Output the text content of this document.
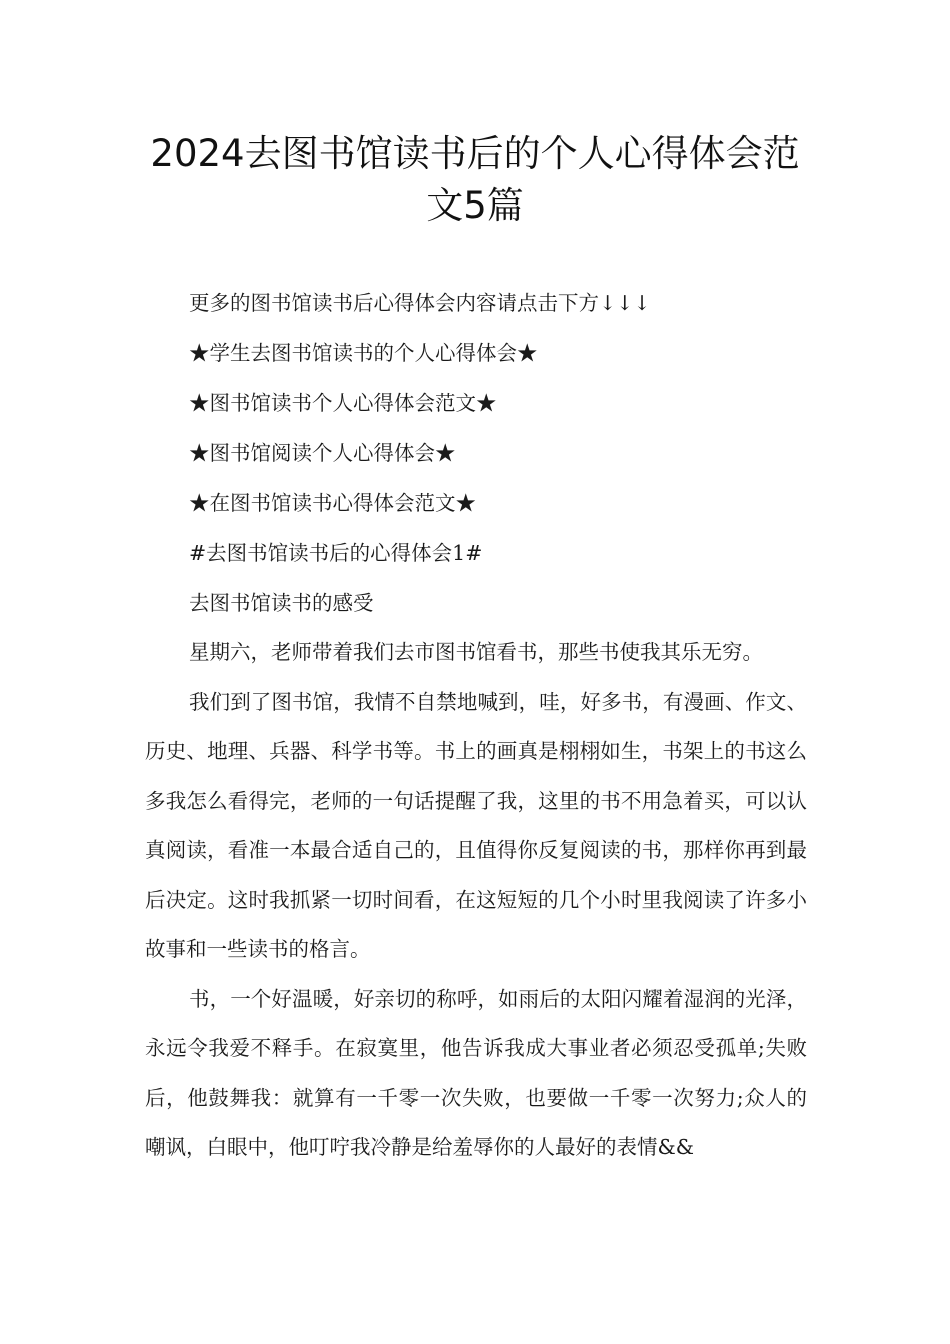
2024去图书馆读书后的个人心得体会范
文5篇

更多的图书馆读书后心得体会内容请点击下方↓↓↓

★学生去图书馆读书的个人心得体会★

★图书馆读书个人心得体会范文★

★图书馆阅读个人心得体会★

★在图书馆读书心得体会范文★

#去图书馆读书后的心得体会1#

去图书馆读书的感受

星期六，老师带着我们去市图书馆看书，那些书使我其乐无穷。

我们到了图书馆，我情不自禁地喊到，哇，好多书，有漫画、作文、历史、地理、兵器、科学书等。书上的画真是栩栩如生，书架上的书这么多我怎么看得完，老师的一句话提醒了我，这里的书不用急着买，可以认真阅读，看准一本最合适自己的，且值得你反复阅读的书，那样你再到最后决定。这时我抓紧一切时间看，在这短短的几个小时里我阅读了许多小故事和一些读书的格言。

书，一个好温暖，好亲切的称呼，如雨后的太阳闪耀着湿润的光泽，永远令我爱不释手。在寂寞里，他告诉我成大事业者必须忍受孤单;失败后，他鼓舞我：就算有一千零一次失败，也要做一千零一次努力;众人的嘲讽，白眼中，他叮咛我冷静是给羞辱你的人最好的表情&&
